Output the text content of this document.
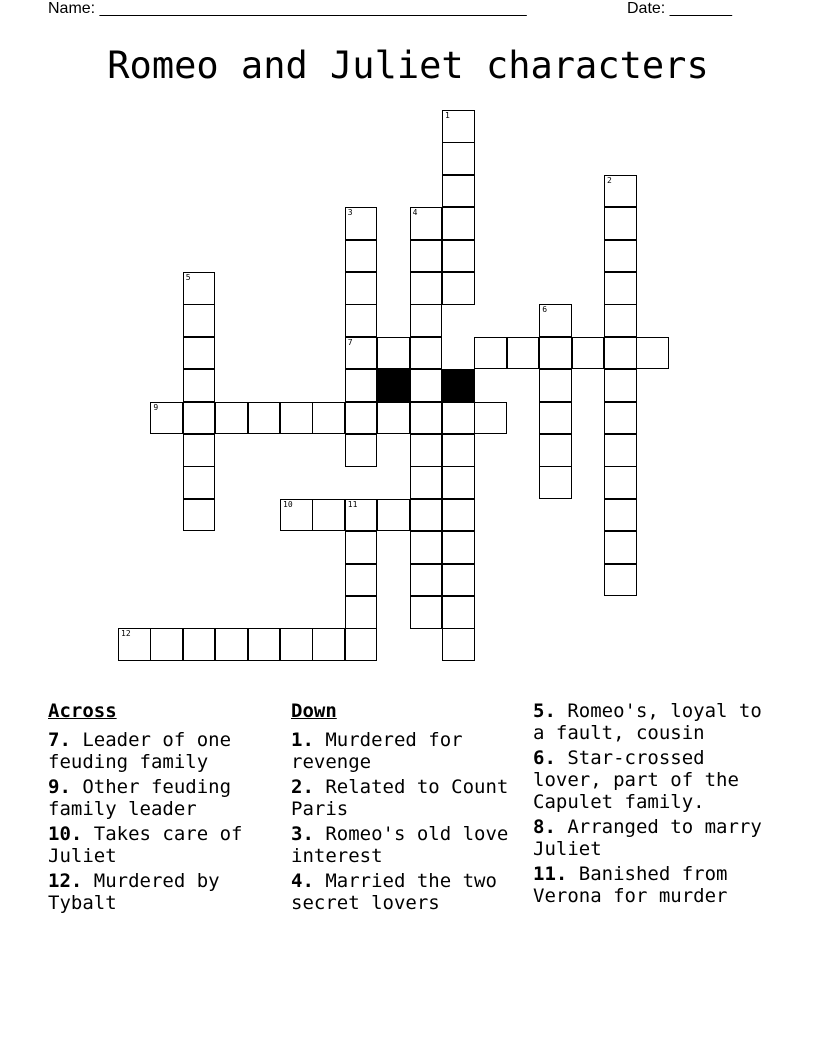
Name: ________________________________________________	Date: _______
Romeo and Juliet characters
1
2
3
7
4
5
6
9
10	11
12
Across
7. Leader of one feuding family
9. Other feuding family leader
10. Takes care of Juliet
12. Murdered by Tybalt
Down
1. Murdered for revenge
2. Related to Count Paris
3. Romeo's old love interest
4. Married the two secret lovers
5. Romeo's, loyal to a fault, cousin
6. Star-crossed lover, part of the Capulet family.
8. Arranged to marry Juliet
11. Banished from Verona for murder
